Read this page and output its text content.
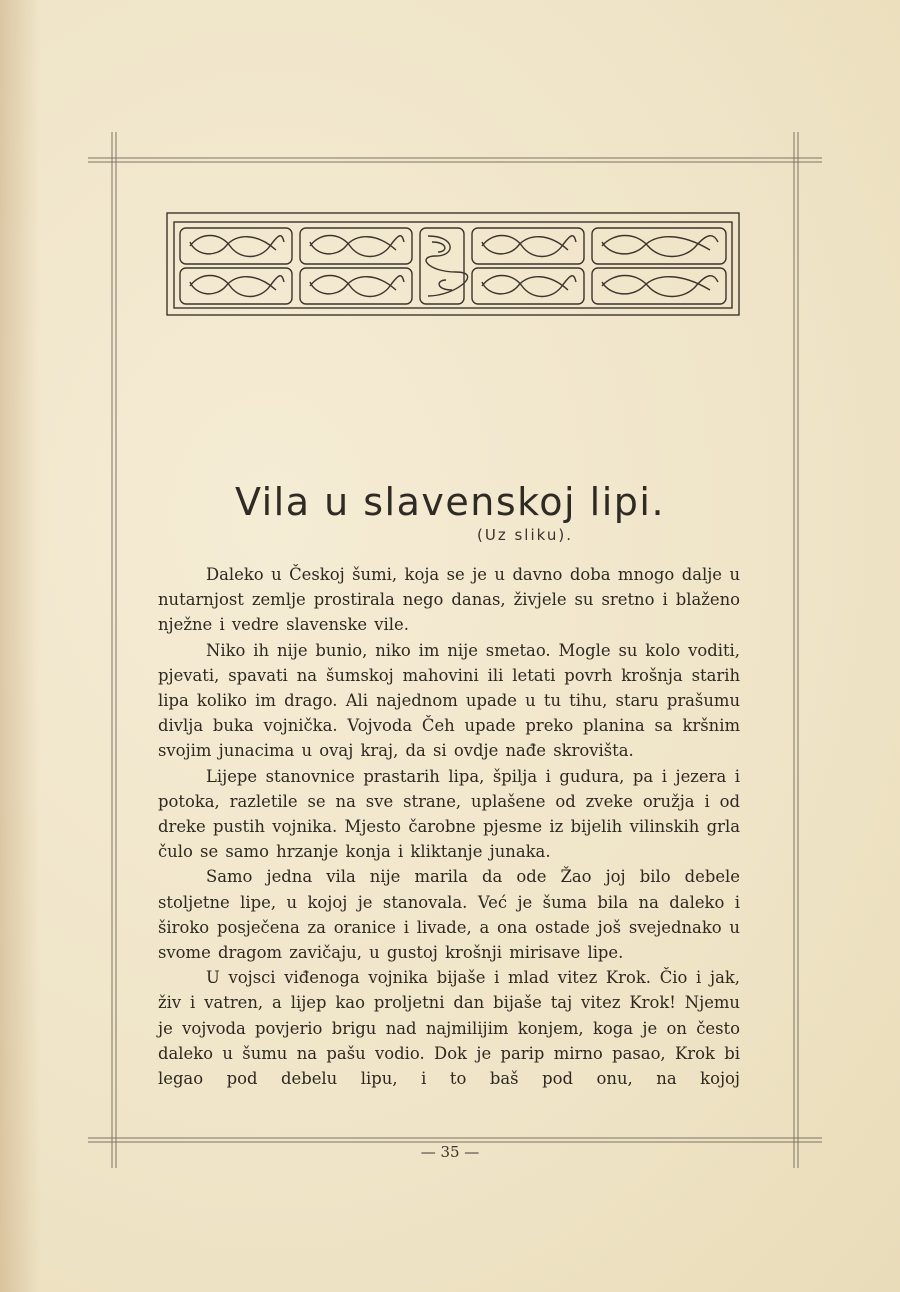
Vila u slavenskoj lipi.
(Uz sliku).

Daleko u Českoj šumi, koja se je u davno doba mnogo dalje u nutarnjost zemlje prostirala nego danas, živjele su sretno i blaženo nježne i vedre slavenske vile.

Niko ih nije bunio, niko im nije smetao. Mogle su kolo voditi, pjevati, spavati na šumskoj mahovini ili letati povrh krošnja starih lipa koliko im drago. Ali najednom upade u tu tihu, staru prašumu divlja buka vojnička. Vojvoda Čeh upade preko planina sa kršnim svojim junacima u ovaj kraj, da si ovdje nađe skrovišta.

Lijepe stanovnice prastarih lipa, špilja i gudura, pa i jezera i potoka, razletile se na sve strane, uplašene od zveke oružja i od dreke pustih vojnika. Mjesto čarobne pjesme iz bijelih vilinskih grla čulo se samo hrzanje konja i kliktanje junaka.

Samo jedna vila nije marila da ode Žao joj bilo debele stoljetne lipe, u kojoj je stanovala. Već je šuma bila na daleko i široko posječena za oranice i livade, a ona ostade još svejednako u svome dragom zavičaju, u gustoj krošnji mirisave lipe.

U vojsci viđenoga vojnika bijaše i mlad vitez Krok. Čio i jak, živ i vatren, a lijep kao proljetni dan bijaše taj vitez Krok! Njemu je vojvoda povjerio brigu nad najmilijim konjem, koga je on često daleko u šumu na pašu vodio. Dok je parip mirno pasao, Krok bi legao pod debelu lipu, i to baš pod onu, na kojoj

— 35 —
